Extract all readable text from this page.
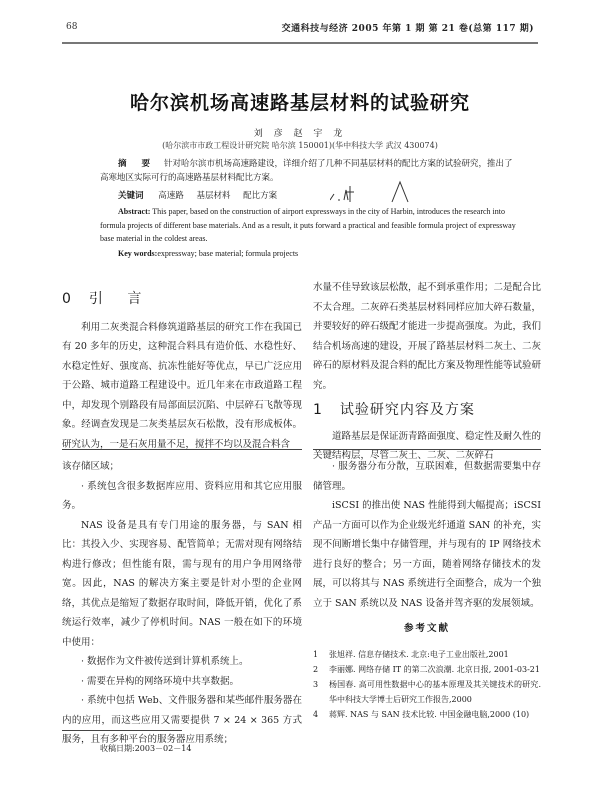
68	交通科技与经济 2005 年第 1 期 第 21 卷(总第 117 期)
哈尔滨机场高速路基层材料的试验研究
刘 彦 赵 宇 龙
(哈尔滨市市政工程设计研究院 哈尔滨 150001)(华中科技大学 武汉 430074)
摘 要 针对哈尔滨市机场高速路建设，详细介绍了几种不同基层材料的配比方案的试验研究，推出了高寒地区实际可行的高速路基层材料配比方案。
关键词 高速路 基层材料 配比方案
Abstract: This paper, based on the construction of airport expressways in the city of Harbin, introduces the research into formula projects of different base materials. And as a result, it puts forward a practical and feasible formula project of expressway base material in the coldest areas.
Key words:expressway; base material; formula projects
0 引 言

利用二灰类混合料修筑道路基层的研究工作在我国已有 20 多年的历史，这种混合料具有造价低、水稳性好、水稳定性好、强度高、抗冻性能好等优点，早已广泛应用于公路、城市道路工程建设中。近几年来在市政道路工程中，却发现个别路段有局部面层沉陷、中层碎石飞散等现象。经调查发现是二灰类基层灰石松散，没有形成板体。研究认为，一是石灰用量不足，搅拌不均以及混合料含

水量不佳导致该层松散，起不到承重作用；二是配合比不太合理。二灰碎石类基层材料同样应加大碎石数量，并要较好的碎石级配才能进一步提高强度。为此，我们结合机场高速的建设，开展了路基层材料二灰土、二灰碎石的原材料及混合料的配比方案及物理性能等试验研究。

1 试验研究内容及方案

道路基层是保证沥青路面强度、稳定性及耐久性的关键结构层，尽管二灰土、二灰、二灰碎石

该存储区域；

· 系统包含很多数据库应用、资料应用和其它应用服务。

NAS 设备是具有专门用途的服务器，与 SAN 相比：其投入少、实现容易、配管简单；无需对现有网络结构进行修改；但性能有限，需与现有的用户争用网络带宽。因此，NAS 的解决方案主要是针对小型的企业网络，其优点是缩短了数据存取时间，降低开销，优化了系统运行效率，减少了停机时间。NAS 一般在如下的环境中使用：

· 数据作为文件被传送到计算机系统上。

· 需要在异构的网络环境中共享数据。

· 系统中包括 Web、文件服务器和某些邮件服务器在内的应用，而这些应用又需要提供 7 × 24 × 365 方式服务，且有多种平台的服务器应用系统；

收稿日期:2003－02－14

· 服务器分布分散，互联困难，但数据需要集中存储管理。

iSCSI 的推出使 NAS 性能得到大幅提高；iSCSI 产品一方面可以作为企业级光纤通道 SAN 的补充，实现不间断增长集中存储管理，并与现有的 IP 网络技术进行良好的整合；另一方面，随着网络存储技术的发展，可以将其与 NAS 系统进行全面整合，成为一个独立于 SAN 系统以及 NAS 设备并驾齐驱的发展领域。

参考文献
1	张旭祥. 信息存储技术. 北京:电子工业出版社,2001
2	李丽娜. 网络存储 IT 的第二次浪潮. 北京日报, 2001-03-21
3	杨国春. 高可用性数据中心的基本原理及其关键技术的研究. 华中科技大学博士后研究工作报告,2000
4	蒋辉. NAS 与 SAN 技术比较. 中国金融电脑,2000 (10)
